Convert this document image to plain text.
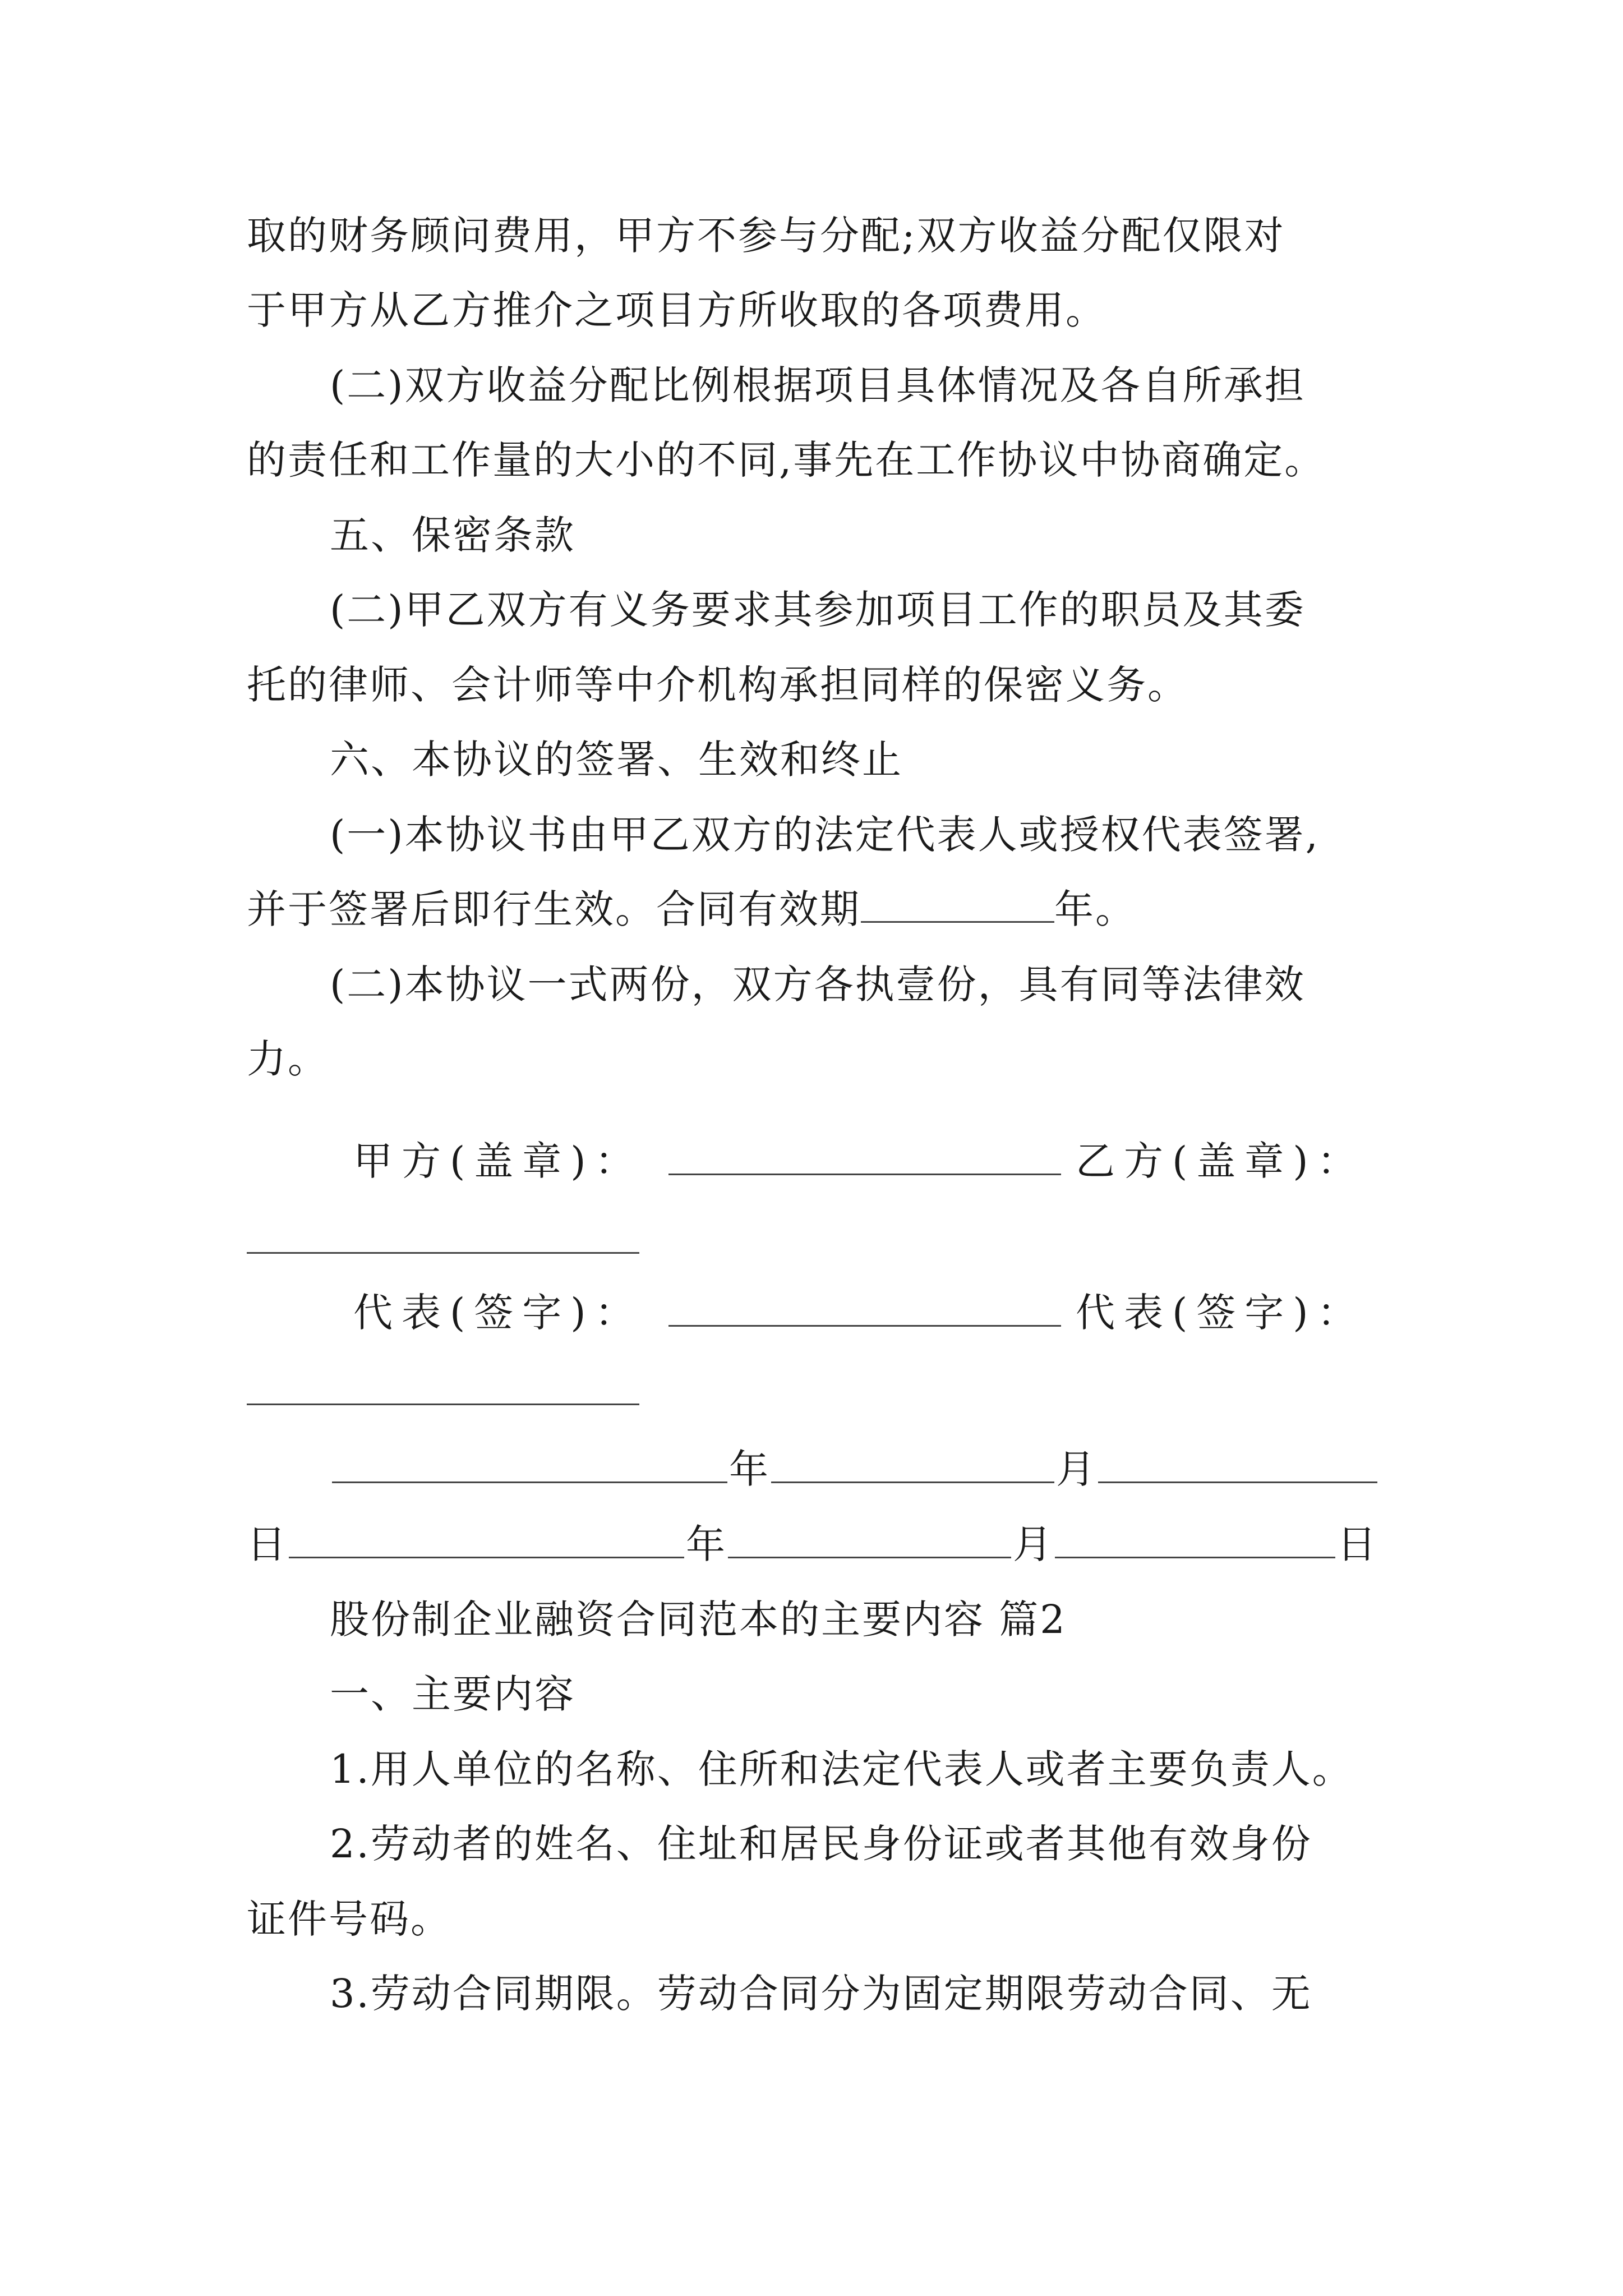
取的财务顾问费用，甲方不参与分配;双方收益分配仅限对
于甲方从乙方推介之项目方所收取的各项费用。
(二)双方收益分配比例根据项目具体情况及各自所承担
的责任和工作量的大小的不同,事先在工作协议中协商确定。
五、保密条款
(二)甲乙双方有义务要求其参加项目工作的职员及其委
托的律师、会计师等中介机构承担同样的保密义务。
六、本协议的签署、生效和终止
(一)本协议书由甲乙双方的法定代表人或授权代表签署,
并于签署后即行生效。合同有效期	年。
(二)本协议一式两份，双方各执壹份，具有同等法律效
力。
甲方(盖章)：	乙方(盖章)：
代表(签字)：	代表(签字)：
年	月
日	年	月	日
股份制企业融资合同范本的主要内容 篇2
一、主要内容
1.用人单位的名称、住所和法定代表人或者主要负责人。
2.劳动者的姓名、住址和居民身份证或者其他有效身份
证件号码。
3.劳动合同期限。劳动合同分为固定期限劳动合同、无
